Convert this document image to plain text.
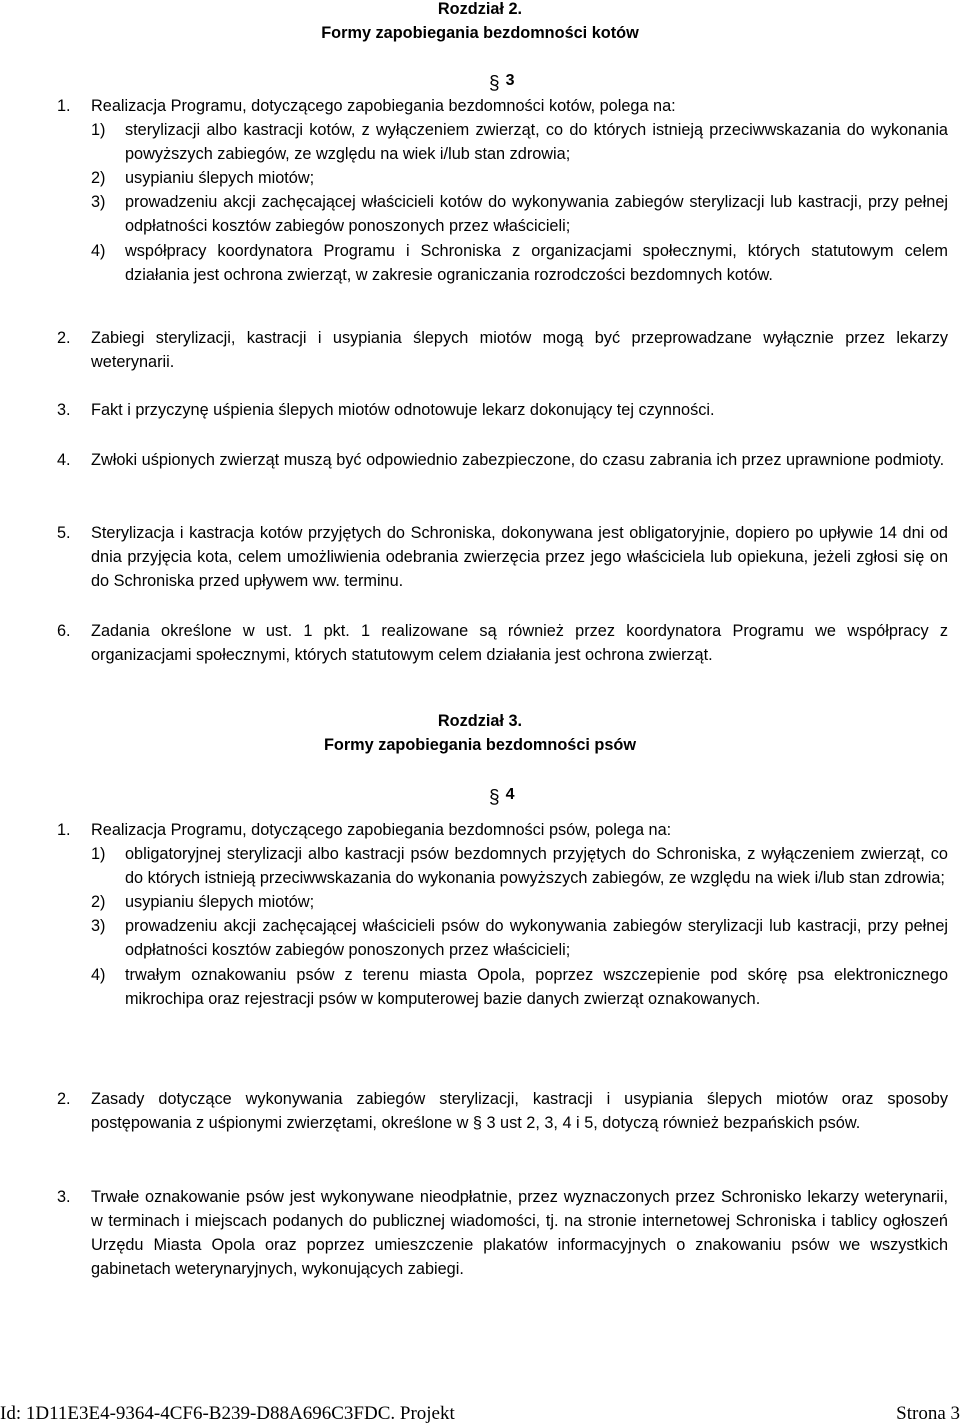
Rozdział 2.
Formy zapobiegania bezdomności kotów
§ 3
1. Realizacja Programu, dotyczącego zapobiegania bezdomności kotów, polega na:
1) sterylizacji albo kastracji kotów, z wyłączeniem zwierząt, co do których istnieją przeciwwskazania do wykonania powyższych zabiegów, ze względu na wiek i/lub stan zdrowia;
2) usypianiu ślepych miotów;
3) prowadzeniu akcji zachęcającej właścicieli kotów do wykonywania zabiegów sterylizacji lub kastracji, przy pełnej odpłatności kosztów zabiegów ponoszonych przez właścicieli;
4) współpracy koordynatora Programu i Schroniska z organizacjami społecznymi, których statutowym celem działania jest ochrona zwierząt, w zakresie ograniczania rozrodczości bezdomnych kotów.
2. Zabiegi sterylizacji, kastracji i usypiania ślepych miotów mogą być przeprowadzane wyłącznie przez lekarzy weterynarii.
3. Fakt i przyczynę uśpienia ślepych miotów odnotowuje lekarz dokonujący tej czynności.
4. Zwłoki uśpionych zwierząt muszą być odpowiednio zabezpieczone, do czasu zabrania ich przez uprawnione podmioty.
5. Sterylizacja i kastracja kotów przyjętych do Schroniska, dokonywana jest obligatoryjnie, dopiero po upływie 14 dni od dnia przyjęcia kota, celem umożliwienia odebrania zwierzęcia przez jego właściciela lub opiekuna, jeżeli zgłosi się on do Schroniska przed upływem ww. terminu.
6. Zadania określone w ust. 1 pkt. 1 realizowane są również przez koordynatora Programu we współpracy z organizacjami społecznymi, których statutowym celem działania jest ochrona zwierząt.
Rozdział 3.
Formy zapobiegania bezdomności psów
§ 4
1. Realizacja Programu, dotyczącego zapobiegania bezdomności psów, polega na:
1) obligatoryjnej sterylizacji albo kastracji psów bezdomnych przyjętych do Schroniska, z wyłączeniem zwierząt, co do których istnieją przeciwwskazania do wykonania powyższych zabiegów, ze względu na wiek i/lub stan zdrowia;
2) usypianiu ślepych miotów;
3) prowadzeniu akcji zachęcającej właścicieli psów do wykonywania zabiegów sterylizacji lub kastracji, przy pełnej odpłatności kosztów zabiegów ponoszonych przez właścicieli;
4) trwałym oznakowaniu psów z terenu miasta Opola, poprzez wszczepienie pod skórę psa elektronicznego mikrochipa oraz rejestracji psów w komputerowej bazie danych zwierząt oznakowanych.
2. Zasady dotyczące wykonywania zabiegów sterylizacji, kastracji i usypiania ślepych miotów oraz sposoby postępowania z uśpionymi zwierzętami, określone w § 3 ust 2, 3, 4 i 5, dotyczą również bezpańskich psów.
3. Trwałe oznakowanie psów jest wykonywane nieodpłatnie, przez wyznaczonych przez Schronisko lekarzy weterynarii, w terminach i miejscach podanych do publicznej wiadomości, tj. na stronie internetowej Schroniska i tablicy ogłoszeń Urzędu Miasta Opola oraz poprzez umieszczenie plakatów informacyjnych o znakowaniu psów we wszystkich gabinetach weterynaryjnych, wykonujących zabiegi.
Id: 1D11E3E4-9364-4CF6-B239-D88A696C3FDC. Projekt	Strona 3
